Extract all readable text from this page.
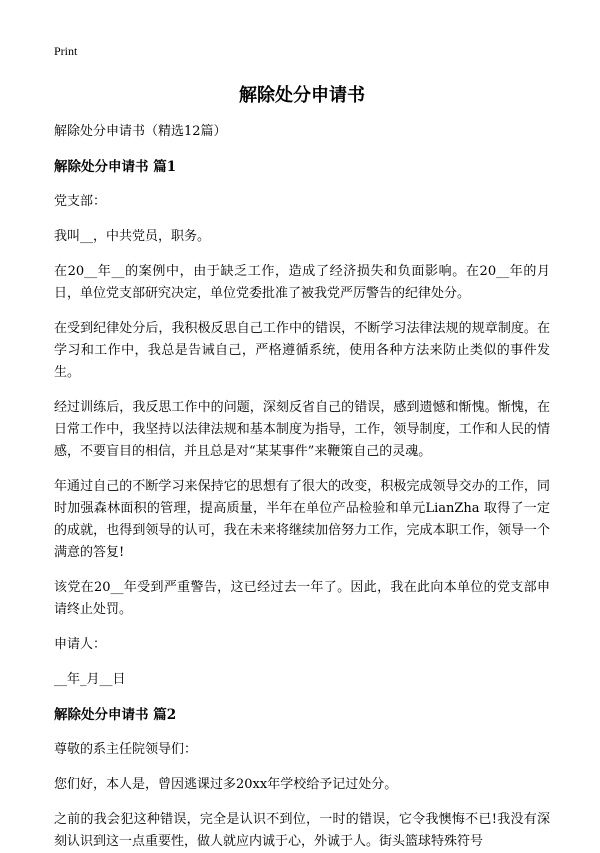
Print
解除处分申请书

解除处分申请书（精选12篇）

解除处分申请书 篇1

党支部：

我叫__，中共党员，职务。

在20__年__的案例中，由于缺乏工作，造成了经济损失和负面影响。在20__年的月日，单位党支部研究决定，单位党委批准了被我党严厉警告的纪律处分。

在受到纪律处分后，我积极反思自己工作中的错误，不断学习法律法规的规章制度。在学习和工作中，我总是告诫自己，严格遵循系统，使用各种方法来防止类似的事件发生。

经过训练后，我反思工作中的问题，深刻反省自己的错误，感到遗憾和惭愧。惭愧，在日常工作中，我坚持以法律法规和基本制度为指导，工作，领导制度，工作和人民的情感，不要盲目的相信，并且总是对“某某事件”来鞭策自己的灵魂。

年通过自己的不断学习来保持它的思想有了很大的改变，积极完成领导交办的工作，同时加强森林面积的管理，提高质量，半年在单位产品检验和单元LianZha 取得了一定的成就，也得到领导的认可，我在未来将继续加倍努力工作，完成本职工作，领导一个满意的答复!

该党在20__年受到严重警告，这已经过去一年了。因此，我在此向本单位的党支部申请终止处罚。

申请人：

__年_月__日

解除处分申请书 篇2

尊敬的系主任院领导们：

您们好，本人是，曾因逃课过多20xx年学校给予记过处分。

之前的我会犯这种错误，完全是认识不到位，一时的错误，它令我懊悔不已!我没有深刻认识到这一点重要性，做人就应内诚于心，外诚于人。街头篮球特殊符号
